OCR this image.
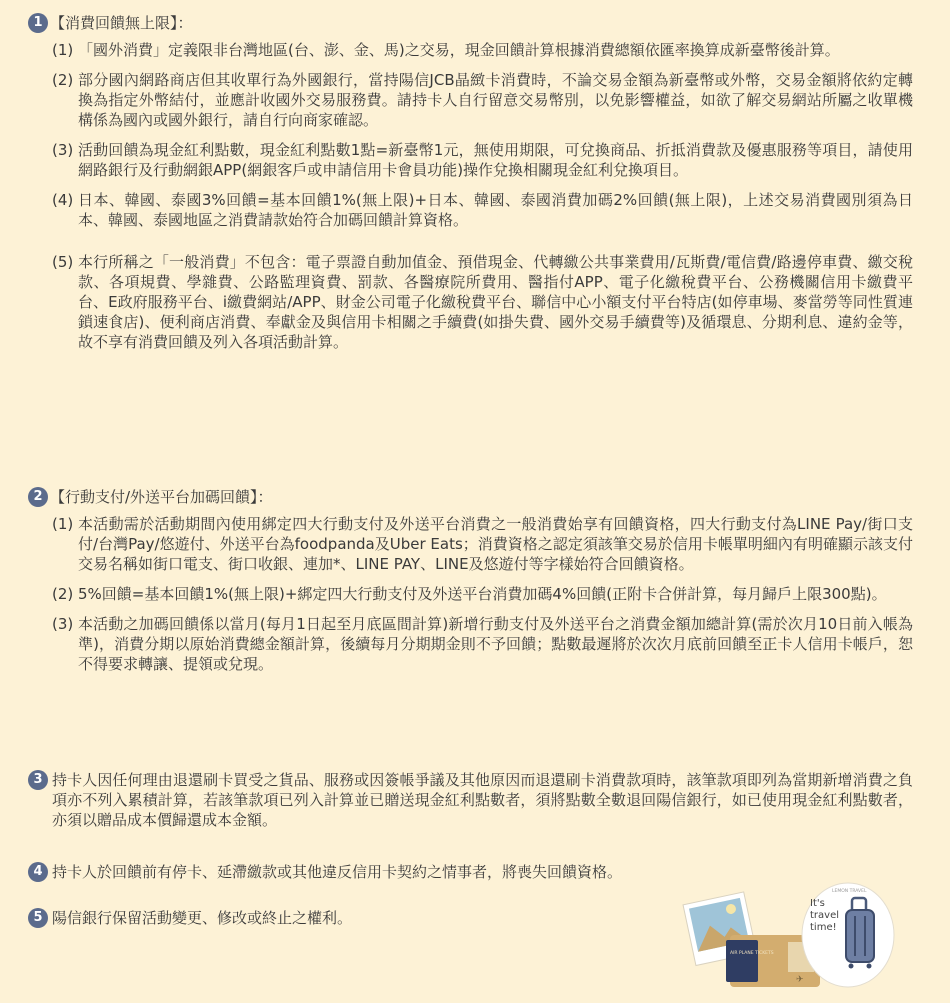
1 【消費回饋無上限】：
(1) 「國外消費」定義限非台灣地區(台、澎、金、馬)之交易，現金回饋計算根據消費總額依匯率換算成新臺幣後計算。
(2) 部分國內網路商店但其收單行為外國銀行，當持陽信JCB晶緻卡消費時，不論交易金額為新臺幣或外幣，交易金額將依約定轉換為指定外幣結付，並應計收國外交易服務費。請持卡人自行留意交易幣別，以免影響權益，如欲了解交易網站所屬之收單機構係為國內或國外銀行，請自行向商家確認。
(3) 活動回饋為現金紅利點數，現金紅利點數1點=新臺幣1元，無使用期限，可兌換商品、折抵消費款及優惠服務等項目，請使用網路銀行及行動網銀APP(網銀客戶或申請信用卡會員功能)操作兌換相關現金紅利兌換項目。
(4) 日本、韓國、泰國3%回饋=基本回饋1%(無上限)+日本、韓國、泰國消費加碼2%回饋(無上限)，上述交易消費國別須為日本、韓國、泰國地區之消費請款始符合加碼回饋計算資格。
(5) 本行所稱之「一般消費」不包含：電子票證自動加值金、預借現金、代轉繳公共事業費用/瓦斯費/電信費/路邊停車費、繳交稅款、各項規費、學雜費、公路監理資費、罰款、各醫療院所費用、醫指付APP、電子化繳稅費平台、公務機關信用卡繳費平台、E政府服務平台、i繳費網站/APP、財金公司電子化繳稅費平台、聯信中心小額支付平台特店(如停車場、麥當勞等同性質連鎖速食店)、便利商店消費、奉獻金及與信用卡相關之手續費(如掛失費、國外交易手續費等)及循環息、分期利息、違約金等，故不享有消費回饋及列入各項活動計算。
2 【行動支付/外送平台加碼回饋】：
(1) 本活動需於活動期間內使用綁定四大行動支付及外送平台消費之一般消費始享有回饋資格，四大行動支付為LINE Pay/街口支付/台灣Pay/悠遊付、外送平台為foodpanda及Uber Eats；消費資格之認定須該筆交易於信用卡帳單明細內有明確顯示該支付交易名稱如街口電支、街口收銀、連加*、LINE PAY、LINE及悠遊付等字樣始符合回饋資格。
(2) 5%回饋=基本回饋1%(無上限)+綁定四大行動支付及外送平台消費加碼4%回饋(正附卡合併計算，每月歸戶上限300點)。
(3) 本活動之加碼回饋係以當月(每月1日起至月底區間計算)新增行動支付及外送平台之消費金額加總計算(需於次月10日前入帳為準)，消費分期以原始消費總金額計算，後續每月分期期金則不予回饋；點數最遲將於次次月底前回饋至正卡人信用卡帳戶，恕不得要求轉讓、提領或兌現。
3 持卡人因任何理由退還刷卡買受之貨品、服務或因簽帳爭議及其他原因而退還刷卡消費款項時，該筆款項即列為當期新增消費之負項亦不列入累積計算，若該筆款項已列入計算並已贈送現金紅利點數者，須將點數全數退回陽信銀行，如已使用現金紅利點數者，亦須以贈品成本價歸還成本金額。
4 持卡人於回饋前有停卡、延滯繳款或其他違反信用卡契約之情事者，將喪失回饋資格。
5 陽信銀行保留活動變更、修改或終止之權利。
✈
AIR PLANE TICKETS
LEMON TRAVEL
It's travel time!
